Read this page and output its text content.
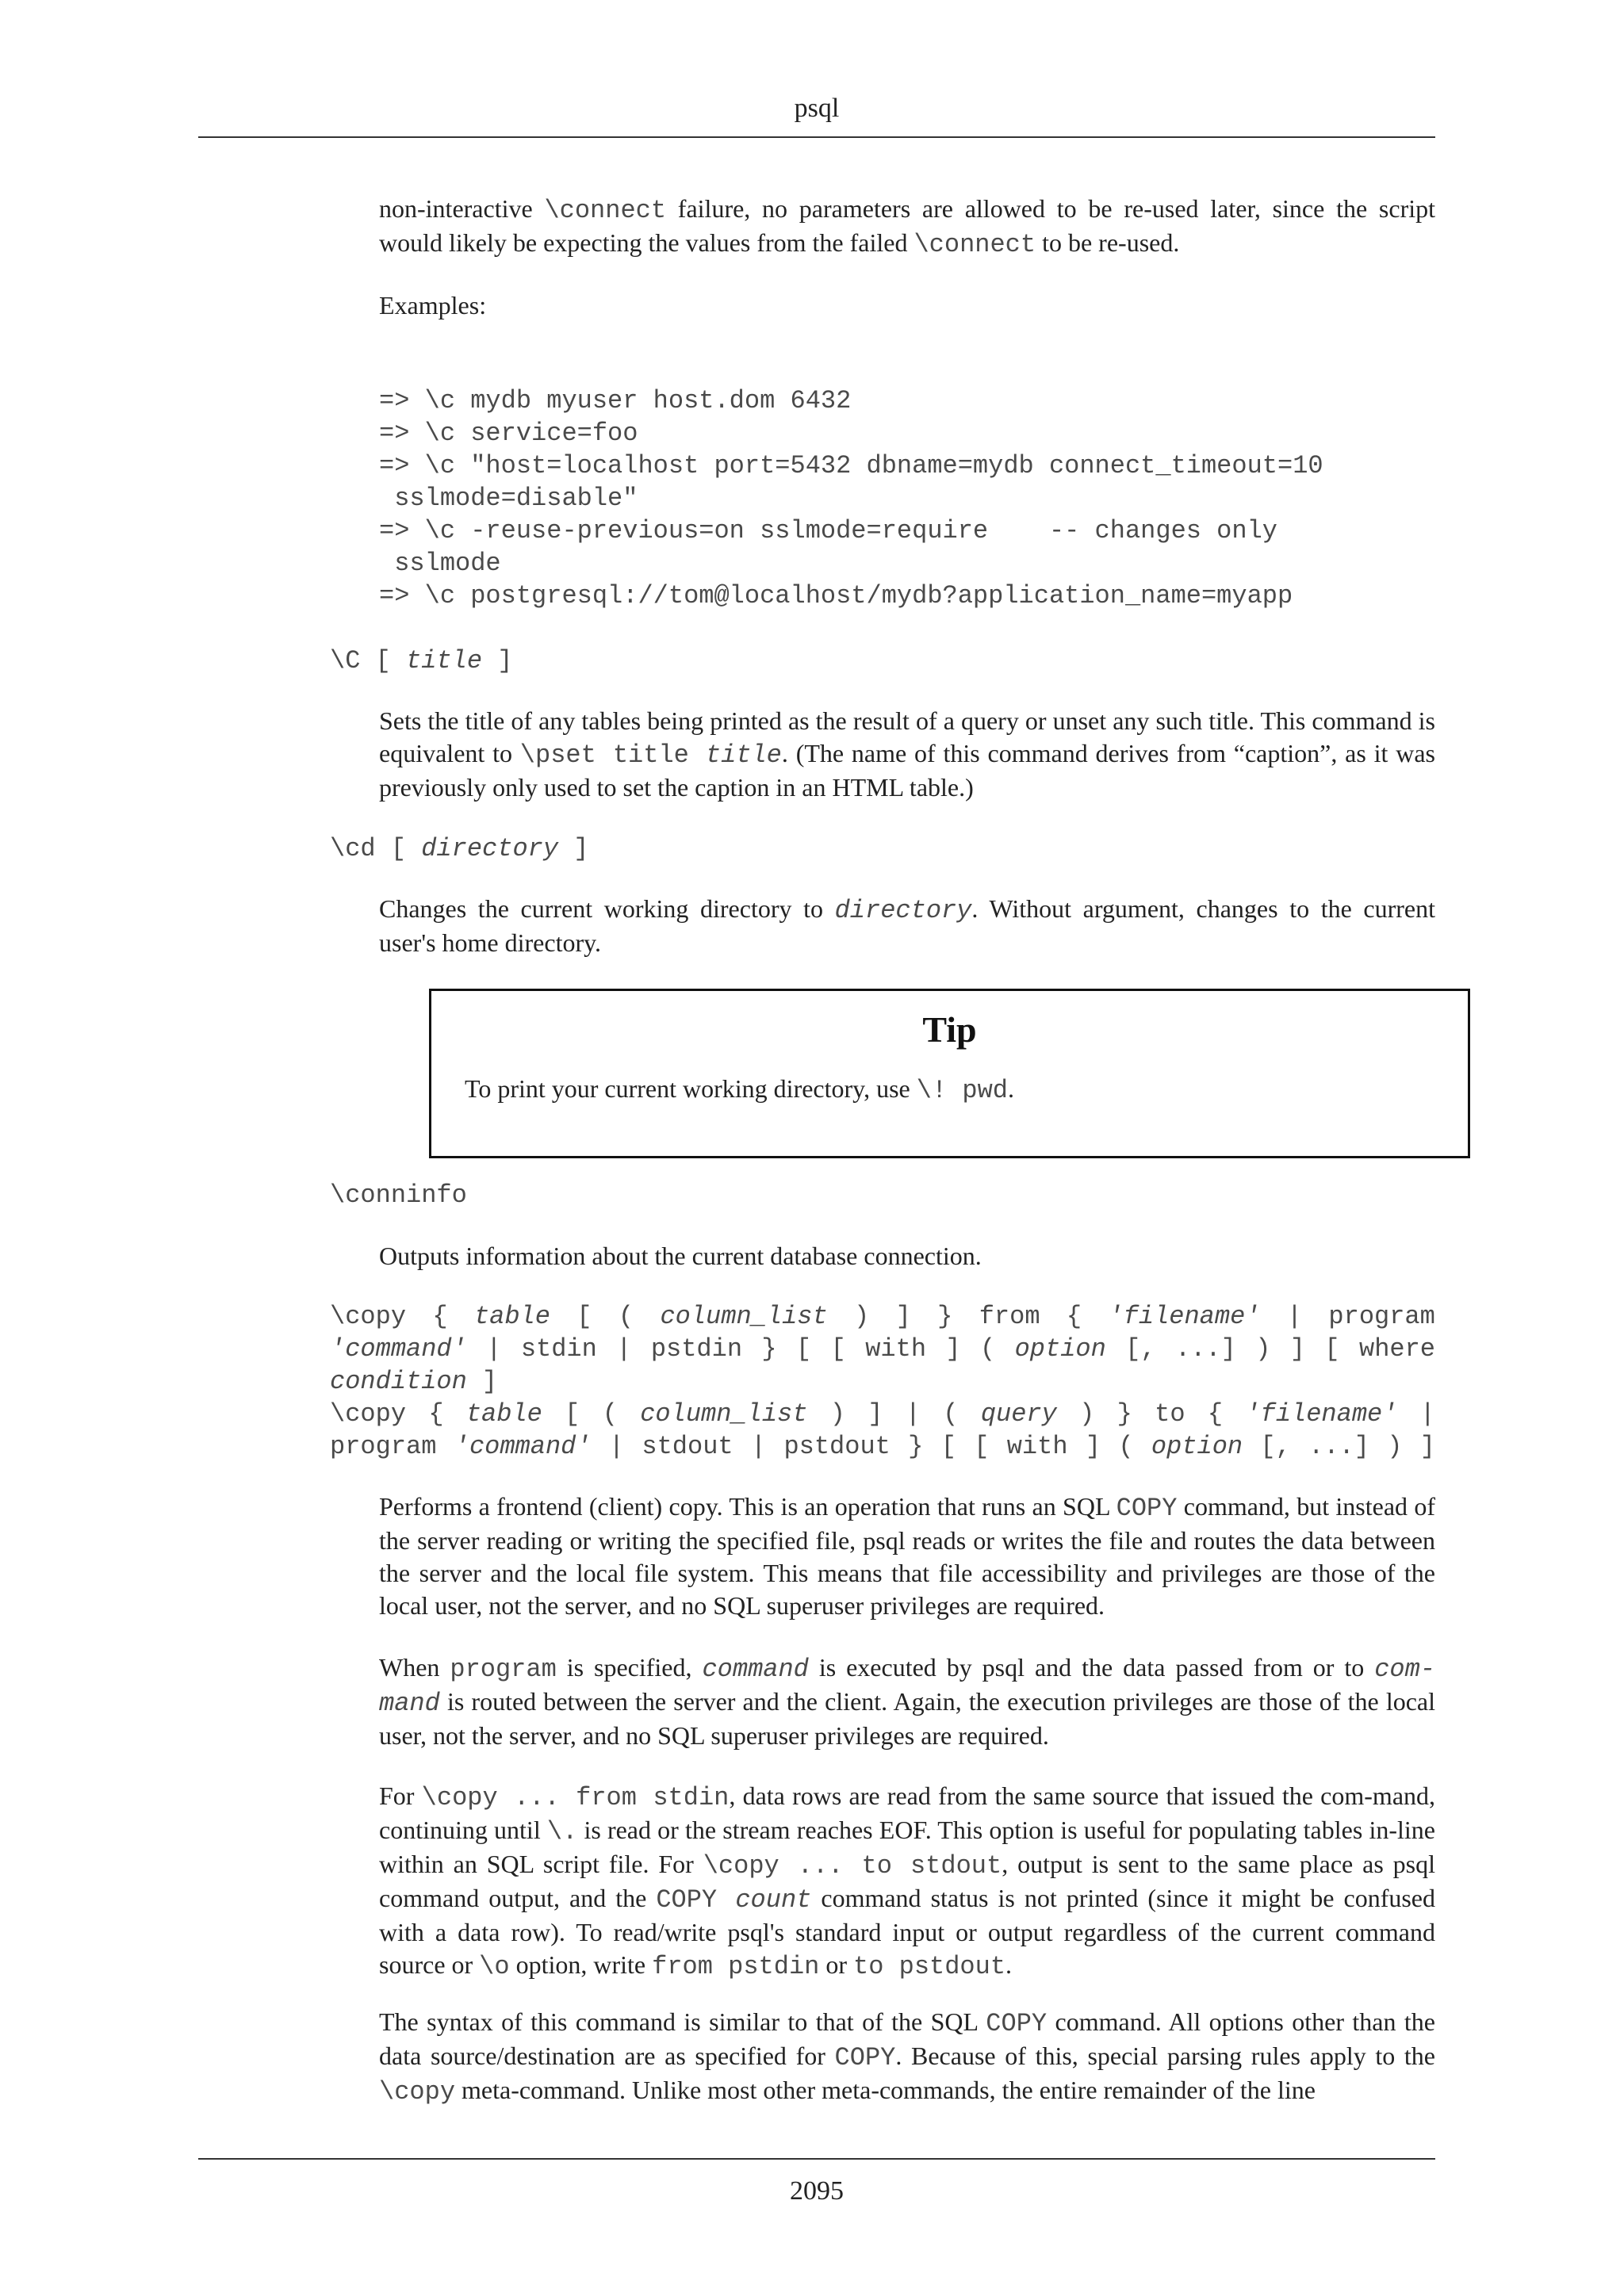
psql
non-interactive \connect failure, no parameters are allowed to be re-used later, since the script would likely be expecting the values from the failed \connect to be re-used.
Examples:
=> \c mydb myuser host.dom 6432
=> \c service=foo
=> \c "host=localhost port=5432 dbname=mydb connect_timeout=10
sslmode=disable"
=> \c -reuse-previous=on sslmode=require    -- changes only
sslmode
=> \c postgresql://tom@localhost/mydb?application_name=myapp
\C [ title ]
Sets the title of any tables being printed as the result of a query or unset any such title. This command is equivalent to \pset title title. (The name of this command derives from “caption”, as it was previously only used to set the caption in an HTML table.)
\cd [ directory ]
Changes the current working directory to directory. Without argument, changes to the current user's home directory.
Tip
To print your current working directory, use \! pwd.
\conninfo
Outputs information about the current database connection.
\copy { table [ ( column_list ) ] } from { 'filename' | program
'command' | stdin | pstdin } [ [ with ] ( option [, ...] ) ] [ where
condition ]
\copy { table [ ( column_list ) ] | ( query ) } to { 'filename' |
program 'command' | stdout | pstdout } [ [ with ] ( option [, ...] ) ]
Performs a frontend (client) copy. This is an operation that runs an SQL COPY command, but instead of the server reading or writing the specified file, psql reads or writes the file and routes the data between the server and the local file system. This means that file accessibility and privileges are those of the local user, not the server, and no SQL superuser privileges are required.
When program is specified, command is executed by psql and the data passed from or to com- mand is routed between the server and the client. Again, the execution privileges are those of the local user, not the server, and no SQL superuser privileges are required.
For \copy ... from stdin, data rows are read from the same source that issued the com-mand, continuing until \. is read or the stream reaches EOF. This option is useful for populating tables in-line within an SQL script file. For \copy ... to stdout, output is sent to the same place as psql command output, and the COPY count command status is not printed (since it might be confused with a data row). To read/write psql's standard input or output regardless of the current command source or \o option, write from pstdin or to pstdout.
The syntax of this command is similar to that of the SQL COPY command. All options other than the data source/destination are as specified for COPY. Because of this, special parsing rules apply to the \copy meta-command. Unlike most other meta-commands, the entire remainder of the line
2095
